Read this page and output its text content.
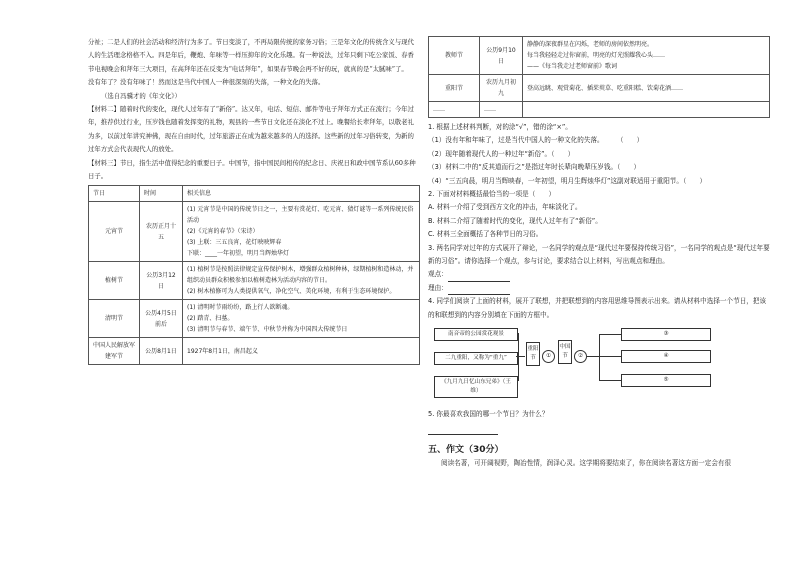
分祉；二是人们的社会活动和经济行为多了。节日变淡了，不再局限传统的家务习俗；三是年文化的传统含义与现代人的生活理念格格不入。四是年后，鞭炮、年味等一样压抑年的文化乐趣。有一种说法，过年只剩下吃公家饭、春香节电视晚会和拜年三大项目，在高拜年还在反变为“电话拜年”，如果春节晚会再不好的玩，就真的是“太腻味”了。

没有年了？没有年味了！然而这是当代中国人一种很深刻的失落，一种文化的失落。

（选自冯骥才的《年文化》）

【材料二】随着时代的变化，现代人过年有了“新俗”。达又年，电话、短信、邮件等电子拜年方式正在流行；今年过年，推荐供过行业，压岁钱也随着发挥变的礼物，观县的一些节日文化还在淡化不过上。晚餐给长辈拜年，以敬老礼为多，以前过年讲究神佛，现在自由时代，过年旅游正在成为越来越多的人的选择。这些新的过年习俗转变，为新的过年方式会代表现代人的放处。

【材料三】节日，指生活中值得纪念的重要日子。中国节，指中国民间相传的纪念日、庆祝日和政中国节系认60多种日子。

节日	时间	相关信息
元宵节	农历正月十五	(1) 元宵节是中国的传统节日之一，主要有赏花灯、吃元宵、猜灯谜等一系列传统民俗活动
(2)《元宵的春节》（宋诗）
(3) 上联：三五良宵，花灯映映辉春
下联：____一年初望，明月当辉烛华灯

植树节	公历3月12日	(1) 植树节是按照法律规定宣传保护树木，增强群众植树种林，绿期植树和造林动，并组织动员群众积极参加以植树造林为活动内容的节日。
(2) 树木植修可为人类提供氧气，净化空气、美化环境，有利于生态环境保护。

清明节	公历4月5日前后	(1) 清明时节雨纷纷，路上行人欲断魂。
(2) 踏青、扫墓。
(3) 清明节与春节、端午节、中秋节并称为中国四大传统节日

中国人民解放军建军节	公历8月1日	1927年8月1日，南昌起义
教师节	公历9月10日	静静的深夜群星在闪烁，老师的房间依然明亮。
每当我轻轻走过你窗前，明亮的灯光照耀我心头……
——《每当我走过老师窗前》歌词

重阳节	农历九月初九	登高远眺、观赏菊花、插茱萸草、吃重阳糕、饮菊花酒……
……	……	

1. 根据上述材料判断，对的涂“√”，错的涂“×”。

（1）没有年和年味了，过是当代中国人的一种文化的失落。　　　	（　　）

（2）现年随着现代人的一种过年“新俗”。（　　）

（3）材料二中的“反其道而行之”是指过年时长辈向晚辈压岁钱。（　　）

（4）“三五向晨，明月当辉映春，一年初望，明月生辉烛华灯”这副对联适用于重阳节。（　　）

2. 下面对材料概括最恰当的一项是（　　）

A. 材料一介绍了受到西方文化的冲击，年味淡化了。

B. 材料二介绍了随着时代的变化，现代人过年有了“新俗”。

C. 材料三全面概括了各种节日的习俗。

3. 两名同学对过年的方式展开了辩论，一名同学的观点是“现代过年要保持传统习俗”，一名同学的观点是“现代过年要新的习俗”。请你选择一个观点，参与讨论，要求结合以上材料，写出观点和理由。

观点：

理由：

4. 同学们阅读了上面的材料，展开了联想，并把联想到的内容用思维导图表示出来。请从材料中选择一个节日，把该的和联想到的内容分别填在下面的方框中。

南音帝的公园赏花观景
二九重阳，又称为“重九”
《九月九日忆山东兄弟》（王维）
重阳节	①
中国节	②
③
④
⑤

5. 你最喜欢我国的哪一个节日？为什么？

五、作文（30分）

阅读名著，可开阔视野，陶冶性情，润泽心灵。这学期将要结束了，你在阅读名著这方面一定会有很
